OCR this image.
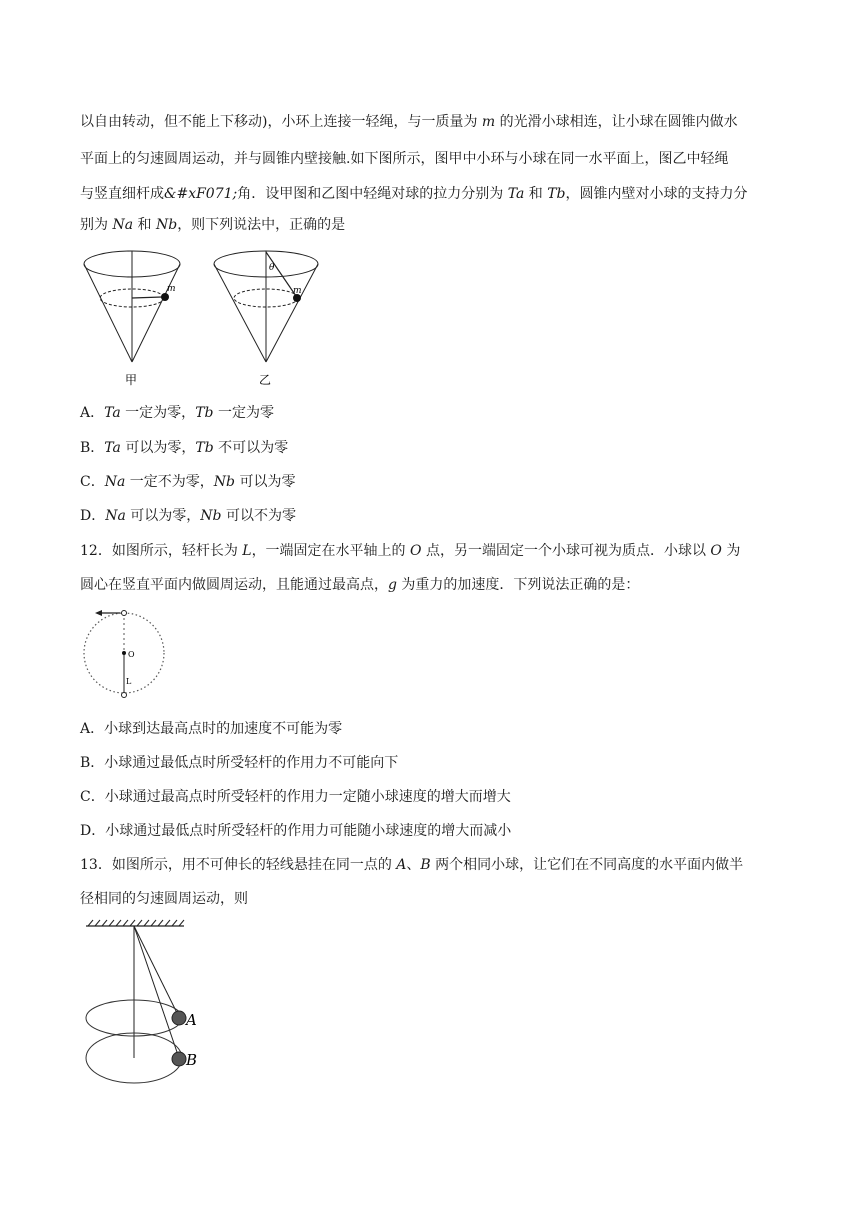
以自由转动，但不能上下移动)，小环上连接一轻绳，与一质量为 m 的光滑小球相连，让小球在圆锥内做水
平面上的匀速圆周运动，并与圆锥内壁接触.如下图所示，图甲中小环与小球在同一水平面上，图乙中轻绳
与竖直细杆成&#xF071;角．设甲图和乙图中轻绳对球的拉力分别为 Ta 和 Tb，圆锥内壁对小球的支持力分
别为 Na 和 Nb，则下列说法中，正确的是
m
甲
θ
m
乙
A．Ta 一定为零，Tb 一定为零
B．Ta 可以为零，Tb 不可以为零
C．Na 一定不为零，Nb 可以为零
D．Na 可以为零，Nb 可以不为零
12．如图所示，轻杆长为 L，一端固定在水平轴上的 O 点，另一端固定一个小球可视为质点．小球以 O 为
圆心在竖直平面内做圆周运动，且能通过最高点，g 为重力的加速度．下列说法正确的是：
O
L
A．小球到达最高点时的加速度不可能为零
B．小球通过最低点时所受轻杆的作用力不可能向下
C．小球通过最高点时所受轻杆的作用力一定随小球速度的增大而增大
D．小球通过最低点时所受轻杆的作用力可能随小球速度的增大而减小
13．如图所示，用不可伸长的轻线悬挂在同一点的 A、B 两个相同小球，让它们在不同高度的水平面内做半
径相同的匀速圆周运动，则
A
B
